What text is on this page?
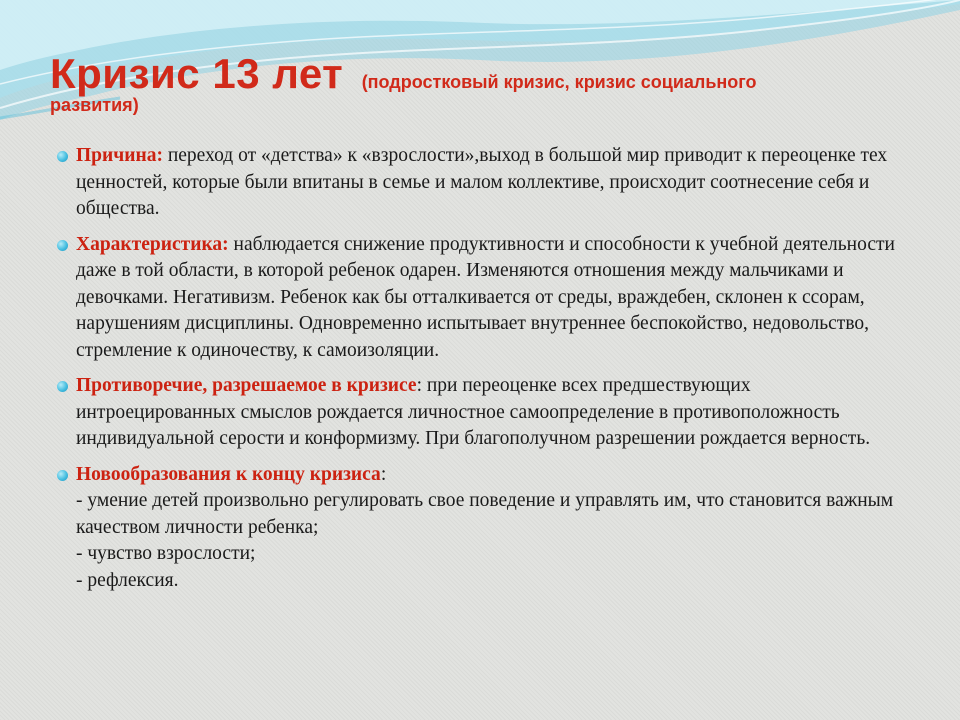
Кризис 13 лет (подростковый кризис, кризис социального
развития)
Причина: переход от «детства» к «взрослости»,выход в большой мир приводит к переоценке тех ценностей, которые были впитаны в семье и малом коллективе, происходит соотнесение себя и общества.
Характеристика: наблюдается снижение продуктивности и способности к учебной деятельности даже в той области, в которой ребенок одарен. Изменяются отношения между мальчиками и девочками. Негативизм. Ребенок как бы отталкивается от среды, враждебен, склонен к ссорам, нарушениям дисциплины. Одновременно испытывает внутреннее беспокойство, недовольство, стремление к одиночеству, к самоизоляции.
Противоречие, разрешаемое в кризисе: при переоценке всех предшествующих интроецированных смыслов рождается личностное самоопределение в противоположность индивидуальной серости и конформизму. При благополучном разрешении рождается верность.
Новообразования к концу кризиса:
- умение детей произвольно регулировать свое поведение и управлять им, что становится важным качеством личности ребенка;
- чувство взрослости;
- рефлексия.
